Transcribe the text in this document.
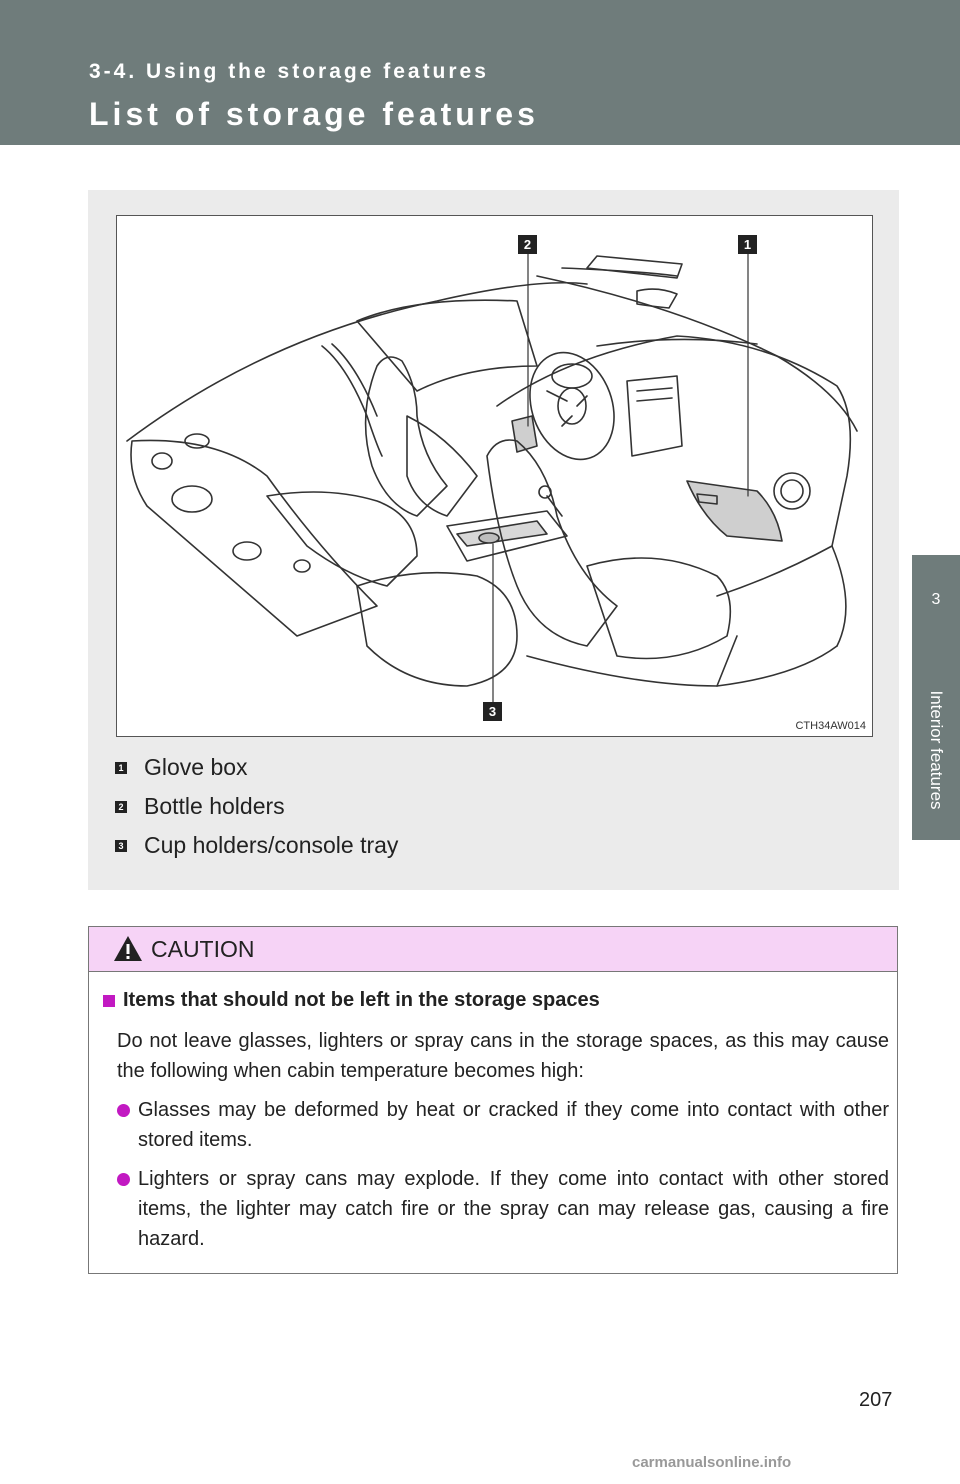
3-4. Using the storage features

List of storage features

3
Interior features
1
2
3
CTH34AW014
1 Glove box
2 Bottle holders
3 Cup holders/console tray
CAUTION
Items that should not be left in the storage spaces
Do not leave glasses, lighters or spray cans in the storage spaces, as this may cause the following when cabin temperature becomes high:
Glasses may be deformed by heat or cracked if they come into contact with other stored items.
Lighters or spray cans may explode. If they come into contact with other stored items, the lighter may catch fire or the spray can may release gas, causing a fire hazard.
207
carmanualsonline.info
